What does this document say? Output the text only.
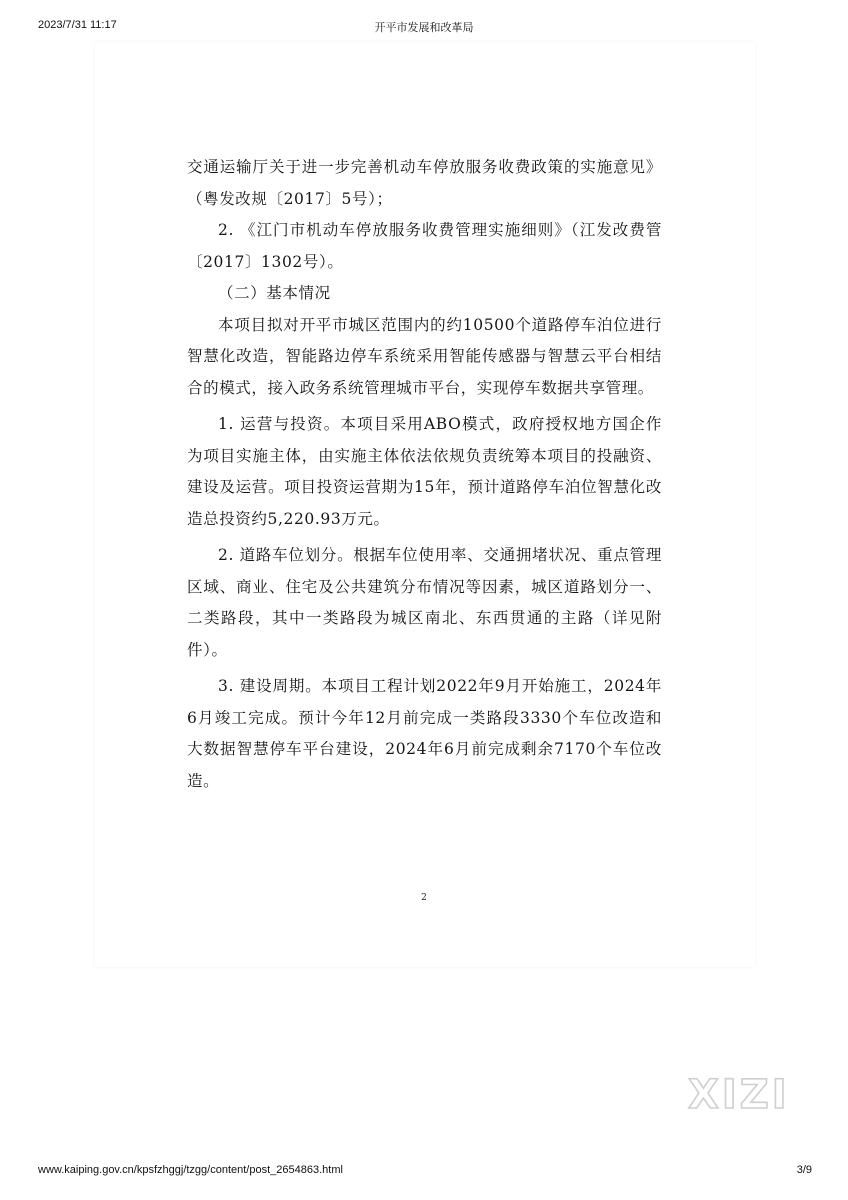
2023/7/31 11:17	开平市发展和改革局

交通运输厅关于进一步完善机动车停放服务收费政策的实施意见》（粤发改规〔2017〕5号）；

2. 《江门市机动车停放服务收费管理实施细则》（江发改费管〔2017〕1302号）。

（二）基本情况

本项目拟对开平市城区范围内的约10500个道路停车泊位进行智慧化改造，智能路边停车系统采用智能传感器与智慧云平台相结合的模式，接入政务系统管理城市平台，实现停车数据共享管理。

1. 运营与投资。本项目采用ABO模式，政府授权地方国企作为项目实施主体，由实施主体依法依规负责统筹本项目的投融资、建设及运营。项目投资运营期为15年，预计道路停车泊位智慧化改造总投资约5,220.93万元。

2. 道路车位划分。根据车位使用率、交通拥堵状况、重点管理区域、商业、住宅及公共建筑分布情况等因素，城区道路划分一、二类路段，其中一类路段为城区南北、东西贯通的主路（详见附件）。

3. 建设周期。本项目工程计划2022年9月开始施工，2024年6月竣工完成。预计今年12月前完成一类路段3330个车位改造和大数据智慧停车平台建设，2024年6月前完成剩余7170个车位改造。

2
XIZI
www.kaiping.gov.cn/kpsfzhggj/tzgg/content/post_2654863.html	3/9
